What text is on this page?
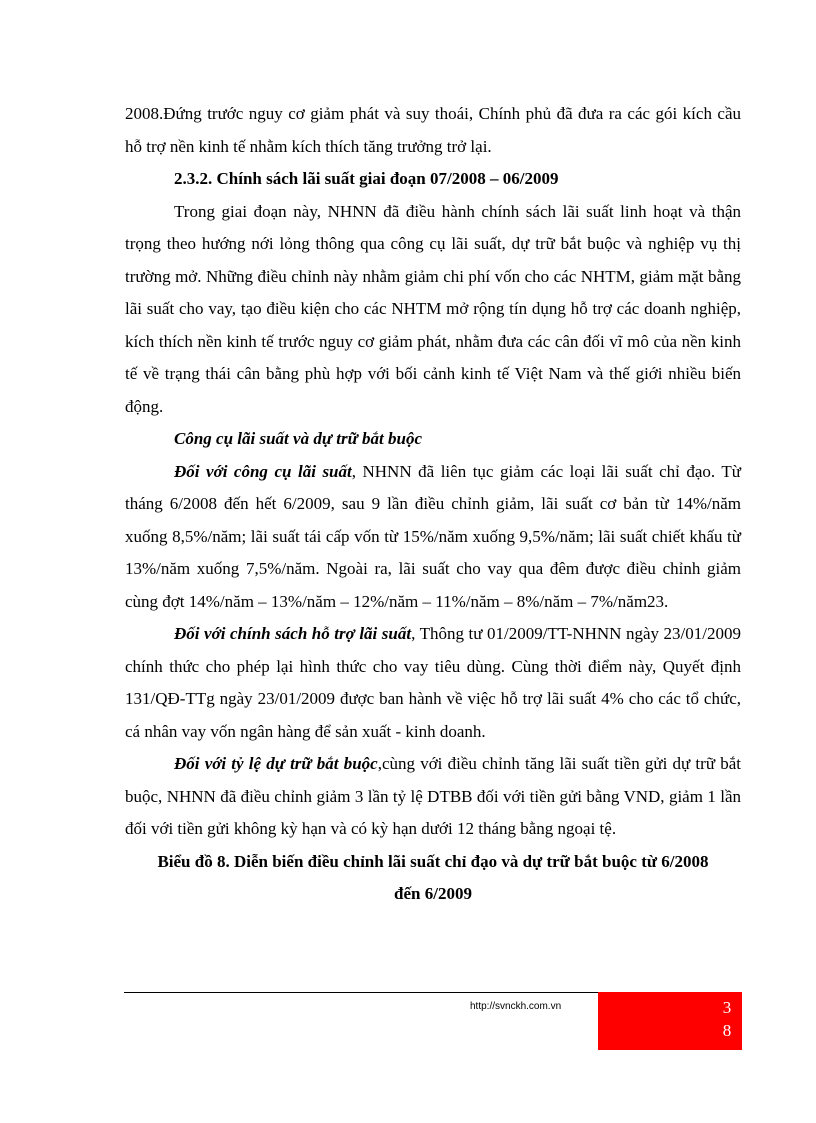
2008.Đứng trước nguy cơ giảm phát và suy thoái, Chính phủ đã đưa ra các gói kích cầu hỗ trợ nền kinh tế nhằm kích thích tăng trưởng trở lại.

2.3.2. Chính sách lãi suất giai đoạn 07/2008 – 06/2009

Trong giai đoạn này, NHNN đã điều hành chính sách lãi suất linh hoạt và thận trọng theo hướng nới lỏng thông qua công cụ lãi suất, dự trữ bắt buộc và nghiệp vụ thị trường mở. Những điều chỉnh này nhằm giảm chi phí vốn cho các NHTM, giảm mặt bằng lãi suất cho vay, tạo điều kiện cho các NHTM mở rộng tín dụng hỗ trợ các doanh nghiệp, kích thích nền kinh tế trước nguy cơ giảm phát, nhằm đưa các cân đối vĩ mô của nền kinh tế về trạng thái cân bằng phù hợp với bối cảnh kinh tế Việt Nam và thế giới nhiều biến động.

Công cụ lãi suất và dự trữ bắt buộc

Đối với công cụ lãi suất, NHNN đã liên tục giảm các loại lãi suất chỉ đạo. Từ tháng 6/2008 đến hết 6/2009, sau 9 lần điều chỉnh giảm, lãi suất cơ bản từ 14%/năm xuống 8,5%/năm; lãi suất tái cấp vốn từ 15%/năm xuống 9,5%/năm; lãi suất chiết khấu từ 13%/năm xuống 7,5%/năm. Ngoài ra, lãi suất cho vay qua đêm được điều chỉnh giảm cùng đợt 14%/năm – 13%/năm – 12%/năm – 11%/năm – 8%/năm – 7%/năm23.

Đối với chính sách hỗ trợ lãi suất, Thông tư 01/2009/TT-NHNN ngày 23/01/2009 chính thức cho phép lại hình thức cho vay tiêu dùng. Cùng thời điểm này, Quyết định 131/QĐ-TTg ngày 23/01/2009 được ban hành về việc hỗ trợ lãi suất 4% cho các tổ chức, cá nhân vay vốn ngân hàng để sản xuất - kinh doanh.

Đối với tỷ lệ dự trữ bắt buộc,cùng với điều chỉnh tăng lãi suất tiền gửi dự trữ bắt buộc, NHNN đã điều chỉnh giảm 3 lần tỷ lệ DTBB đối với tiền gửi bằng VND, giảm 1 lần đối với tiền gửi không kỳ hạn và có kỳ hạn dưới 12 tháng bằng ngoại tệ.

Biểu đồ 8. Diễn biến điều chỉnh lãi suất chỉ đạo và dự trữ bắt buộc từ 6/2008

đến 6/2009

http://svnckh.com.vn	3
8
